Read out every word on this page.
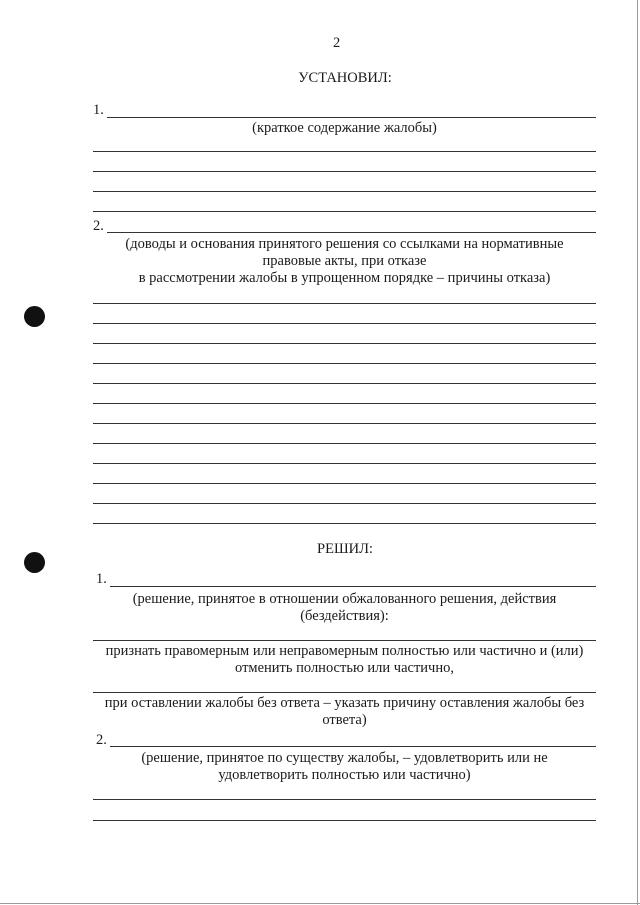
2
УСТАНОВИЛ:
1.
(краткое содержание жалобы)
2.
(доводы и основания принятого решения со ссылками на нормативные
правовые акты, при отказе
в рассмотрении жалобы в упрощенном порядке – причины отказа)
РЕШИЛ:
1.
(решение, принятое в отношении обжалованного решения, действия
(бездействия):
признать правомерным или неправомерным полностью или частично и (или)
отменить полностью или частично,
при оставлении жалобы без ответа – указать причину оставления жалобы без
ответа)
2.
(решение, принятое по существу жалобы, – удовлетворить или не
удовлетворить полностью или частично)
